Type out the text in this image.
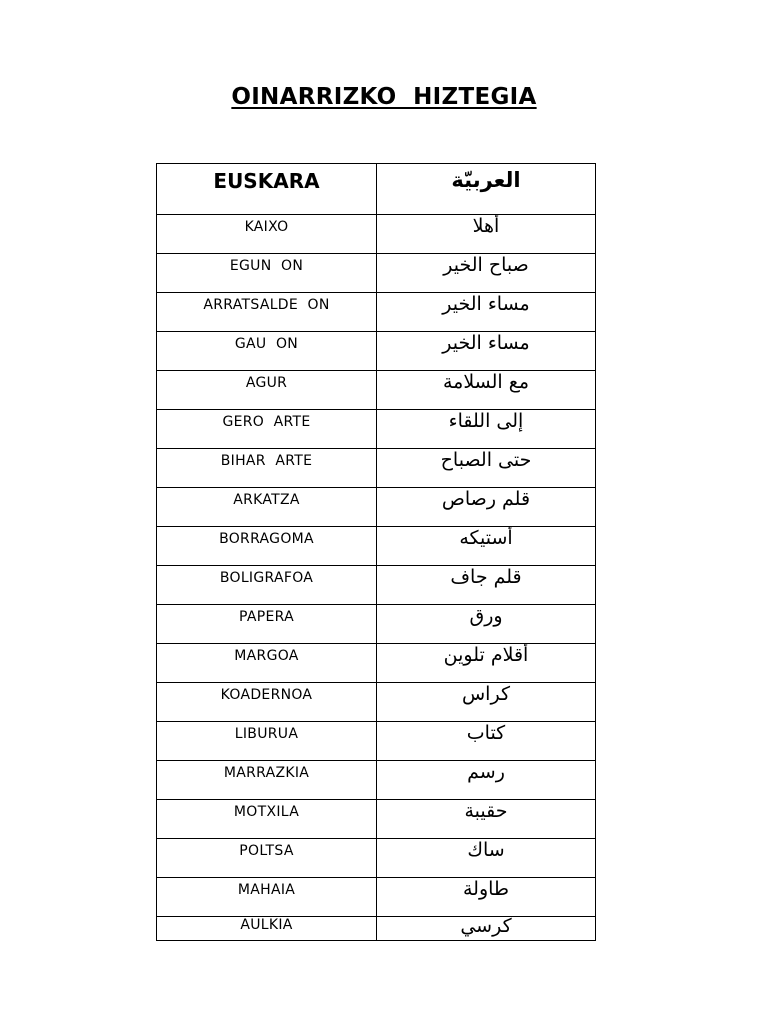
OINARRIZKO  HIZTEGIA
EUSKARA	العربيّة

KAIXO	أهلا

EGUN  ON	صباح الخير

ARRATSALDE  ON	مساء الخير

GAU  ON	مساء الخير

AGUR	مع السلامة

GERO  ARTE	إلى اللقاء

BIHAR  ARTE	حتى الصباح

ARKATZA	قلم رصاص

BORRAGOMA	أستيكه

BOLIGRAFOA	قلم جاف

PAPERA	ورق

MARGOA	أقلام تلوين

KOADERNOA	كراس

LIBURUA	كتاب

MARRAZKIA	رسم

MOTXILA	حقيبة

POLTSA	ساك

MAHAIA	طاولة

AULKIA	كرسي
